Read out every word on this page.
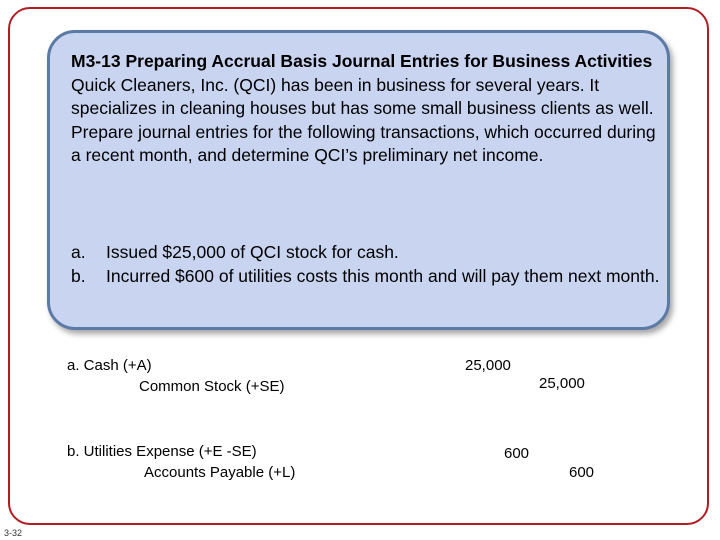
M3-13 Preparing Accrual Basis Journal Entries for Business Activities
Quick Cleaners, Inc. (QCI) has been in business for several years. It specializes in cleaning houses but has some small business clients as well. Prepare journal entries for the following transactions, which occurred during a recent month, and determine QCI’s preliminary net income.
a. Issued $25,000 of QCI stock for cash.
b. Incurred $600 of utilities costs this month and will pay them next month.
a. Cash (+A)
Common Stock (+SE)
25,000
25,000
b. Utilities Expense (+E -SE)
Accounts Payable (+L)
600
600
3-32
